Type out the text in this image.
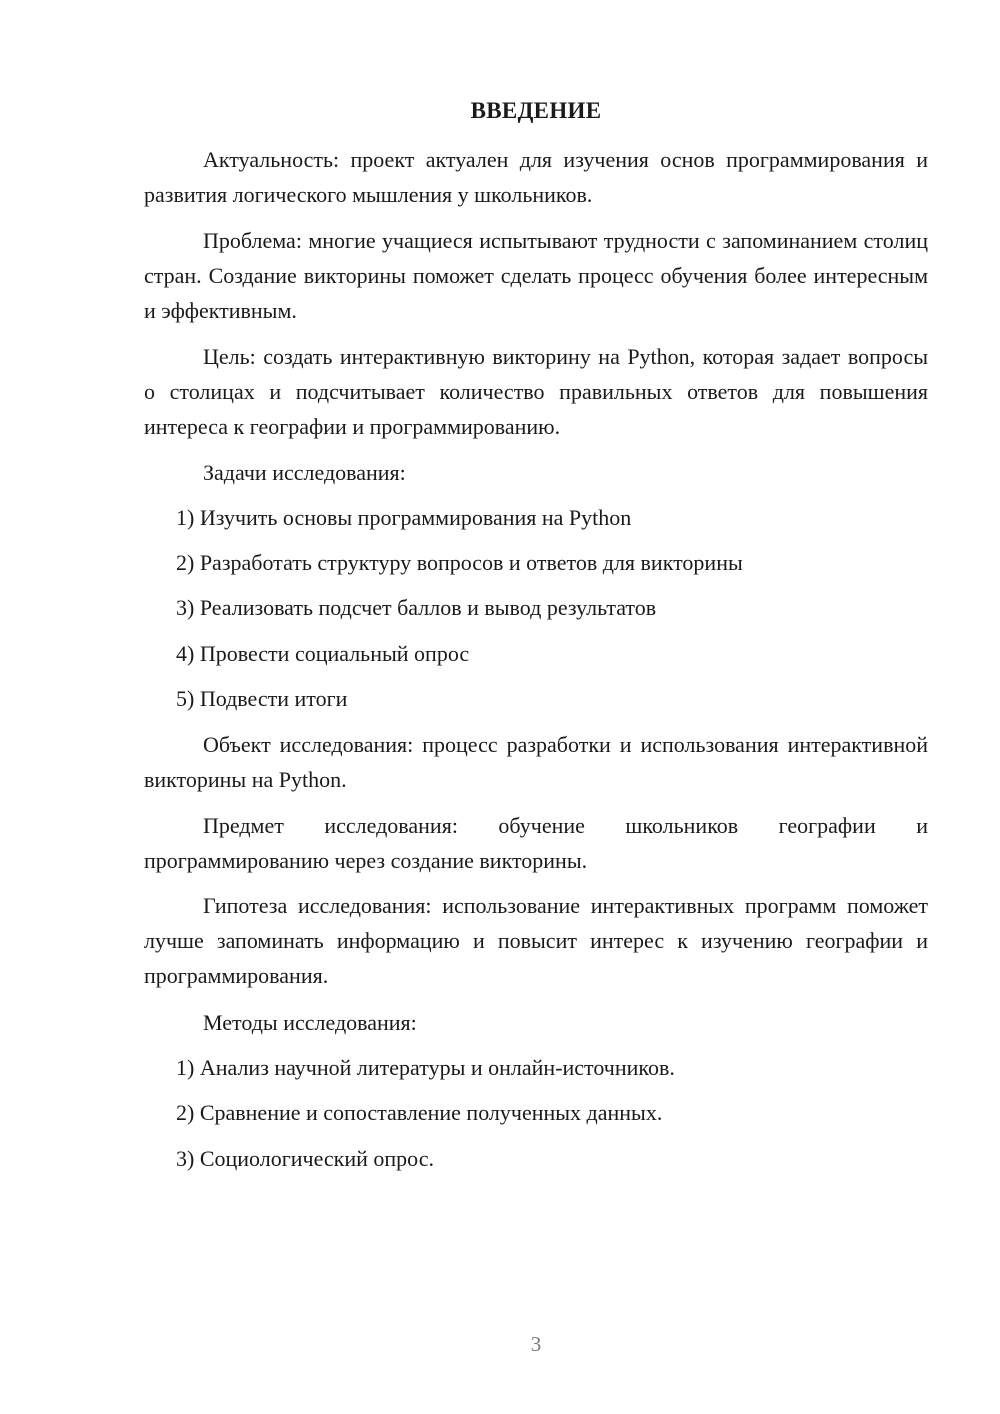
ВВЕДЕНИЕ
Актуальность: проект актуален для изучения основ программирования и развития логического мышления у школьников.
Проблема: многие учащиеся испытывают трудности с запоминанием столиц стран. Создание викторины поможет сделать процесс обучения более интересным и эффективным.
Цель: создать интерактивную викторину на Python, которая задает вопросы о столицах и подсчитывает количество правильных ответов для повышения интереса к географии и программированию.
Задачи исследования:
1) Изучить основы программирования на Python
2) Разработать структуру вопросов и ответов для викторины
3) Реализовать подсчет баллов и вывод результатов
4) Провести социальный опрос
5) Подвести итоги
Объект исследования: процесс разработки и использования интерактивной викторины на Python.
Предмет исследования: обучение школьников географии и программированию через создание викторины.
Гипотеза исследования: использование интерактивных программ поможет лучше запоминать информацию и повысит интерес к изучению географии и программирования.
Методы исследования:
1) Анализ научной литературы и онлайн-источников.
2) Сравнение и сопоставление полученных данных.
3) Социологический опрос.
3
